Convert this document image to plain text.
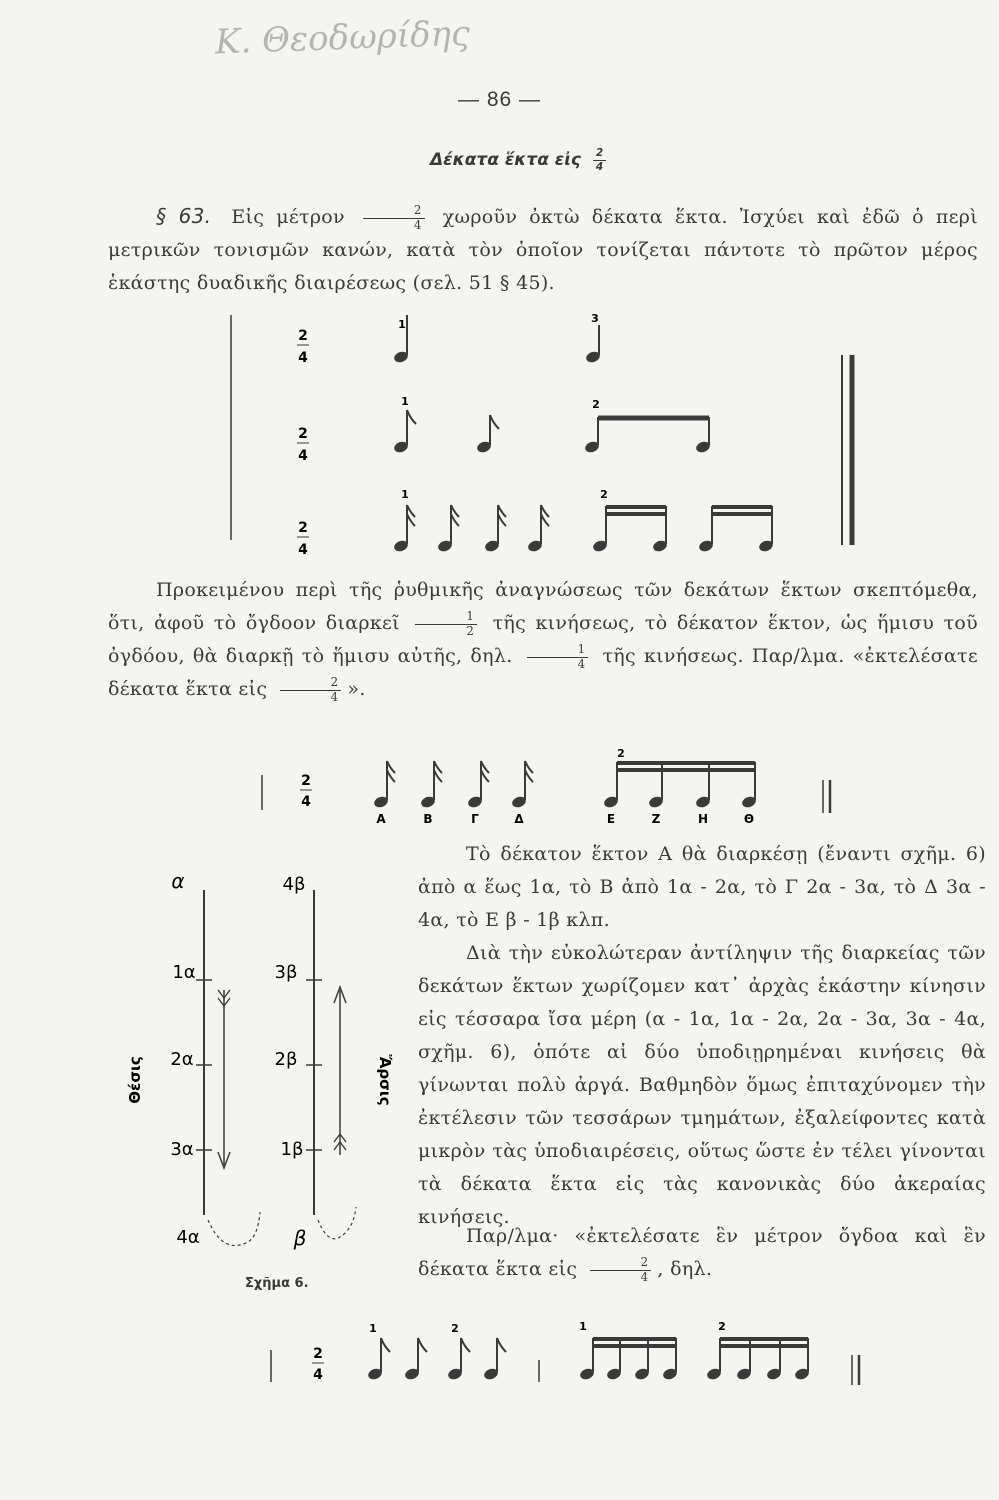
Κ. Θεοδωρίδης
— 86 —
Δέκατα ἕκτα εἰς $\frac{2}{4}$

§ 63. Εἰς μέτρον $\frac{2}{4}$ χωροῦν ὀκτὼ δέκατα ἕκτα. Ἰσχύει καὶ ἐδῶ ὁ περὶ μετρικῶν τονισμῶν κανών, κατὰ τὸν ὁποῖον τονίζεται πάντοτε τὸ πρῶτον μέρος ἑκάστης δυαδικῆς διαιρέσεως (σελ. 51 § 45).

2
4
1	3
2
4
1	2
2
4
1	2

Προκειμένου περὶ τῆς ῥυθμικῆς ἀναγνώσεως τῶν δεκάτων ἕκτων σκεπτόμεθα, ὅτι, ἀφοῦ τὸ ὄγδοον διαρκεῖ $\frac{1}{2}$ τῆς κινήσεως, τὸ δέκατον ἕκτον, ὡς ἥμισυ τοῦ ὀγδόου, θὰ διαρκῇ τὸ ἥμισυ αὐτῆς, δηλ. $\frac{1}{4}$ τῆς κινήσεως. Παρ/λμα. «ἐκτελέσατε δέκατα ἕκτα εἰς $\frac{2}{4}$ ».

2
4
2
Α	Β	Γ	Δ	Ε	Ζ	Η	Θ
Θέσις	Ἄρσις
α
1α
2α
3α
4α
4β
3β
2β
1β
β
Σχῆμα 6.

Τὸ δέκατον ἕκτον Α θὰ διαρκέσῃ (ἔναντι σχῆμ. 6) ἀπὸ α ἕως 1α, τὸ Β ἀπὸ 1α - 2α, τὸ Γ 2α - 3α, τὸ Δ 3α - 4α, τὸ Ε β - 1β κλπ.

Διὰ τὴν εὐκολώτεραν ἀντίληψιν τῆς διαρκείας τῶν δεκάτων ἕκτων χωρίζομεν κατ᾽ ἀρχὰς ἑκάστην κίνησιν εἰς τέσσαρα ἴσα μέρη (α - 1α, 1α - 2α, 2α - 3α, 3α - 4α, σχῆμ. 6), ὁπότε αἱ δύο ὑποδιῃρημέναι κινήσεις θὰ γίνωνται πολὺ ἀργά. Βαθμηδὸν ὅμως ἐπιταχύνομεν τὴν ἐκτέλεσιν τῶν τεσσάρων τμημάτων, ἐξαλείφοντες κατὰ μικρὸν τὰς ὑποδιαιρέσεις, οὕτως ὥστε ἐν τέλει γίνονται τὰ δέκατα ἕκτα εἰς τὰς κανονικὰς δύο ἀκεραίας κινήσεις.

Παρ/λμα· «ἐκτελέσατε ἓν μέτρον ὄγδοα καὶ ἓν δέκατα ἕκτα εἰς $\frac{2}{4}$ , δηλ.

2
4
1	2	1	2
